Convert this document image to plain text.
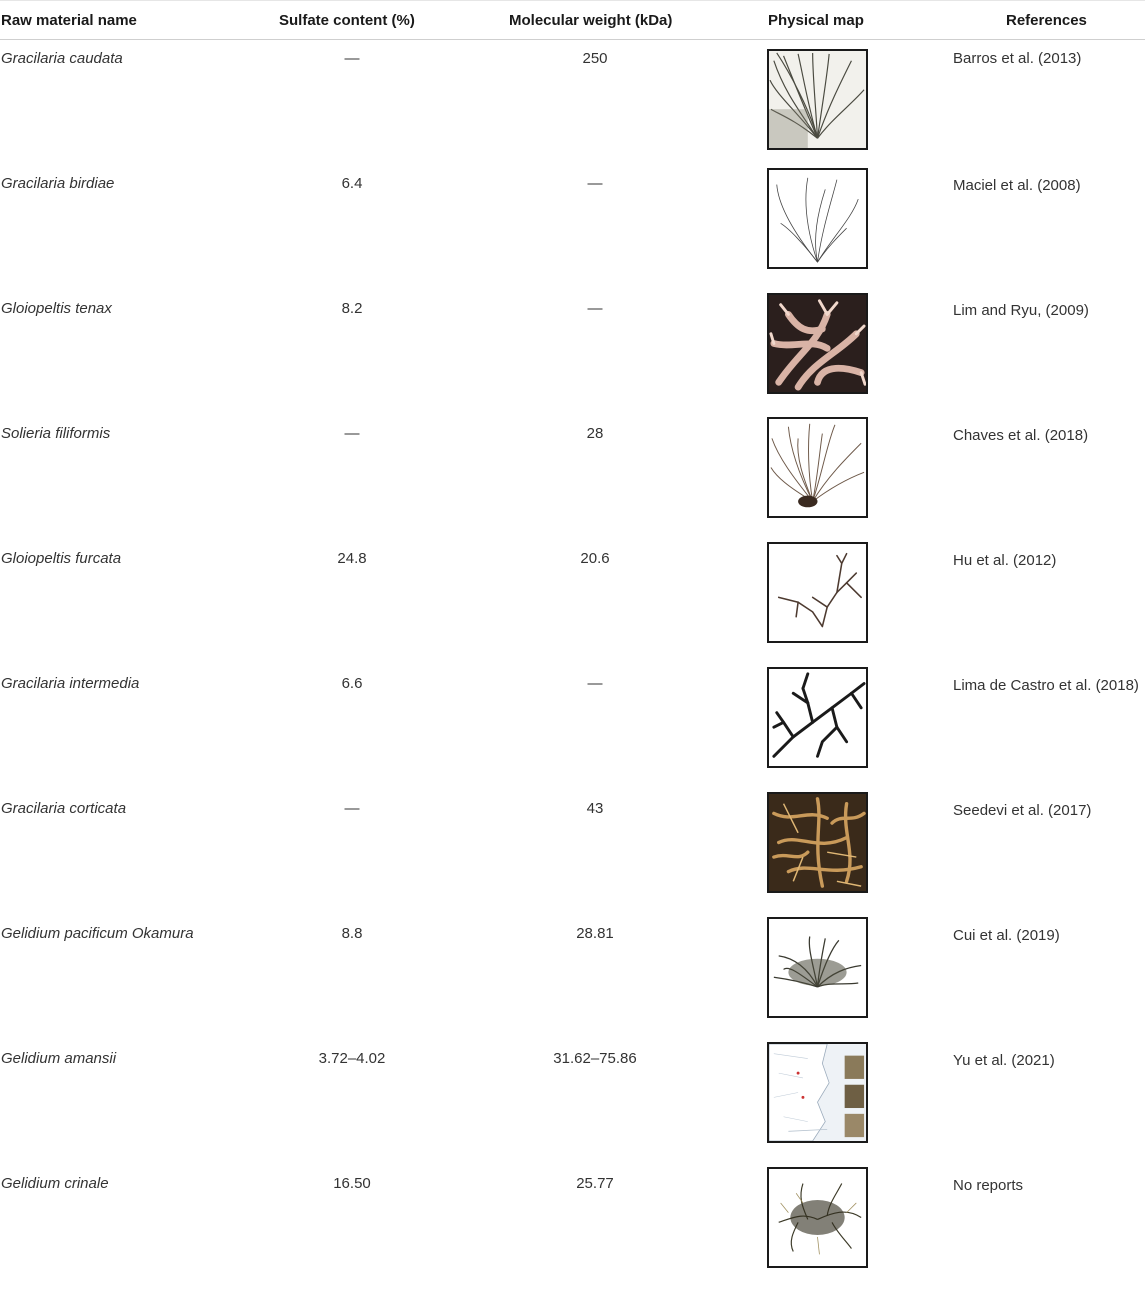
Raw material name	Sulfate content (%)	Molecular weight (kDa)	Physical map	References
Gracilaria caudata	—	250	Barros et al. (2013)
Gracilaria birdiae	6.4	—	Maciel et al. (2008)
Gloiopeltis tenax	8.2	—	Lim and Ryu, (2009)
Solieria filiformis	—	28	Chaves et al. (2018)
Gloiopeltis furcata	24.8	20.6	Hu et al. (2012)
Gracilaria intermedia	6.6	—	Lima de Castro et al. (2018)
Gracilaria corticata	—	43	Seedevi et al. (2017)
Gelidium pacificum Okamura	8.8	28.81	Cui et al. (2019)
Gelidium amansii	3.72–4.02	31.62–75.86	Yu et al. (2021)
Gelidium crinale	16.50	25.77	No reports
